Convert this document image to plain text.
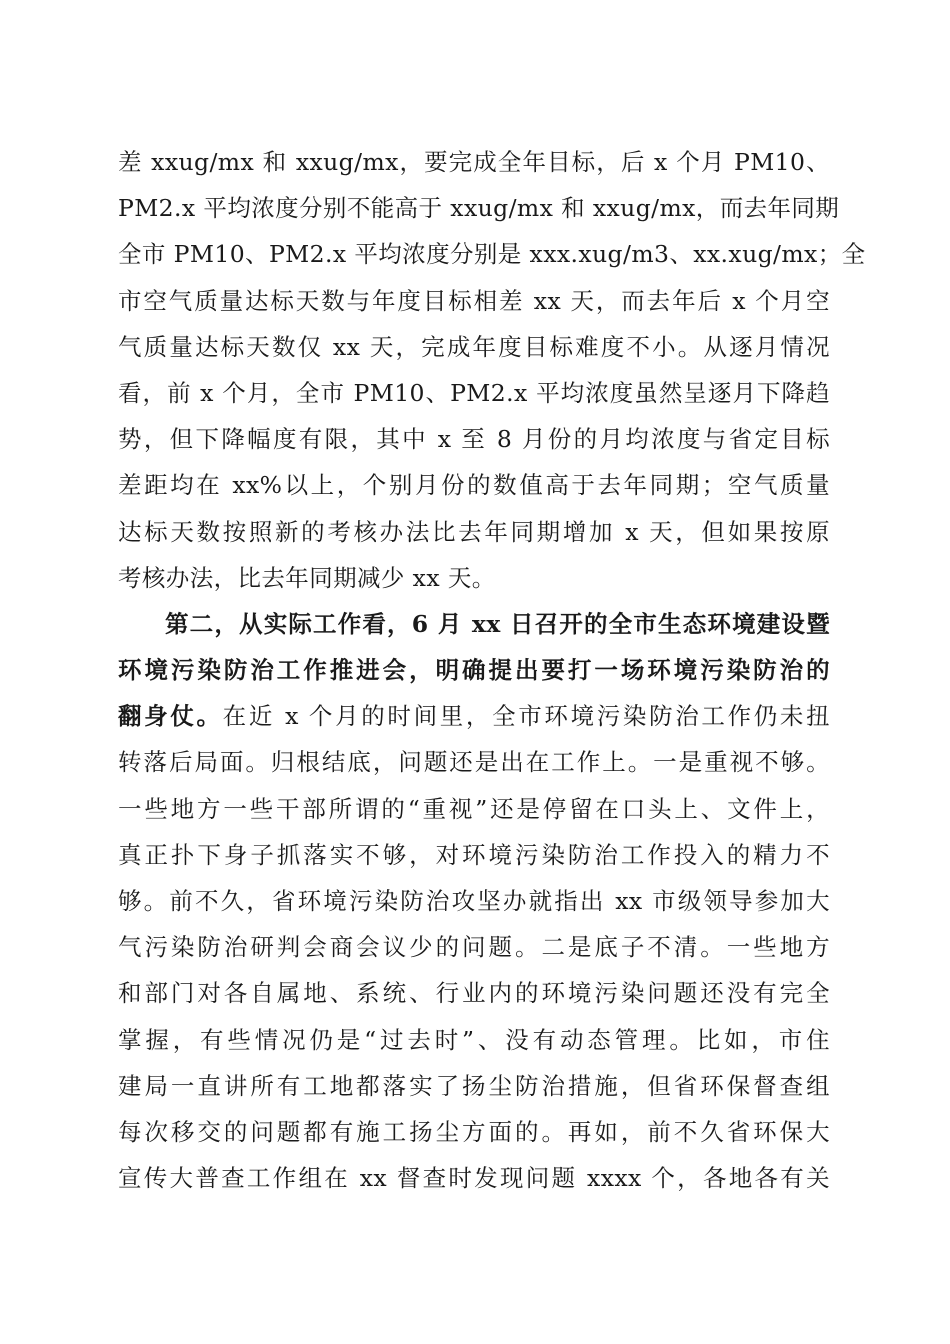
差 xxug/mx 和 xxug/mx，要完成全年目标，后 x 个月 PM10、
PM2.x 平均浓度分别不能高于 xxug/mx 和 xxug/mx，而去年同期
全市 PM10、PM2.x 平均浓度分别是 xxx.xug/m3、xx.xug/mx；全
市空气质量达标天数与年度目标相差 xx 天，而去年后 x 个月空
气质量达标天数仅 xx 天，完成年度目标难度不小。从逐月情况
看，前 x 个月，全市 PM10、PM2.x 平均浓度虽然呈逐月下降趋
势，但下降幅度有限，其中 x 至 8 月份的月均浓度与省定目标
差距均在 xx%以上，个别月份的数值高于去年同期；空气质量
达标天数按照新的考核办法比去年同期增加 x 天，但如果按原
考核办法，比去年同期减少 xx 天。
第二，从实际工作看，6 月 xx 日召开的全市生态环境建设暨
环境污染防治工作推进会，明确提出要打一场环境污染防治的
翻身仗。在近 x 个月的时间里，全市环境污染防治工作仍未扭
转落后局面。归根结底，问题还是出在工作上。一是重视不够。
一些地方一些干部所谓的“重视”还是停留在口头上、文件上，
真正扑下身子抓落实不够，对环境污染防治工作投入的精力不
够。前不久，省环境污染防治攻坚办就指出 xx 市级领导参加大
气污染防治研判会商会议少的问题。二是底子不清。一些地方
和部门对各自属地、系统、行业内的环境污染问题还没有完全
掌握，有些情况仍是“过去时”、没有动态管理。比如，市住
建局一直讲所有工地都落实了扬尘防治措施，但省环保督查组
每次移交的问题都有施工扬尘方面的。再如，前不久省环保大
宣传大普查工作组在 xx 督查时发现问题 xxxx 个，各地各有关
